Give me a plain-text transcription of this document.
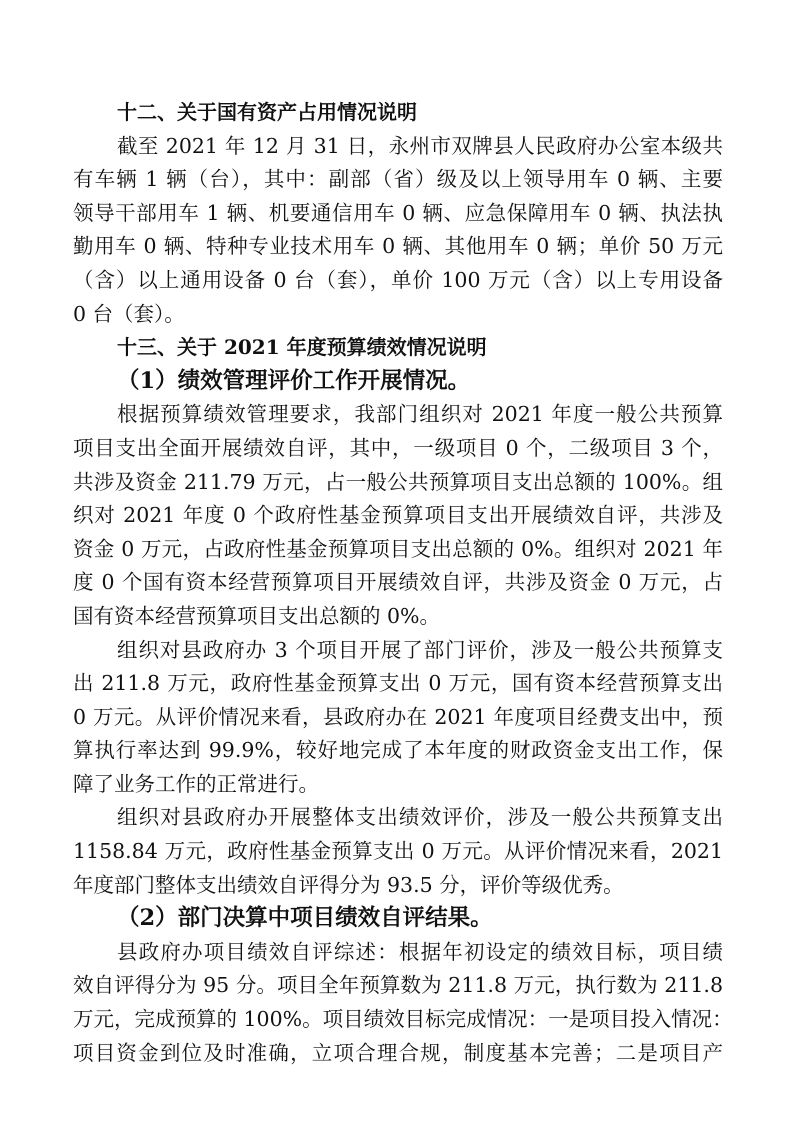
十二、关于国有资产占用情况说明
截至 2021 年 12 月 31 日，永州市双牌县人民政府办公室本级共
有车辆 1 辆（台），其中：副部（省）级及以上领导用车 0 辆、主要
领导干部用车 1 辆、机要通信用车 0 辆、应急保障用车 0 辆、执法执
勤用车 0 辆、特种专业技术用车 0 辆、其他用车 0 辆；单价 50 万元
（含）以上通用设备 0 台（套），单价 100 万元（含）以上专用设备
0 台（套）。
十三、关于 2021 年度预算绩效情况说明
（1）绩效管理评价工作开展情况。
根据预算绩效管理要求，我部门组织对 2021 年度一般公共预算
项目支出全面开展绩效自评，其中，一级项目 0 个，二级项目 3 个，
共涉及资金 211.79 万元，占一般公共预算项目支出总额的 100%。组
织对 2021 年度 0 个政府性基金预算项目支出开展绩效自评，共涉及
资金 0 万元，占政府性基金预算项目支出总额的 0%。组织对 2021 年
度 0 个国有资本经营预算项目开展绩效自评，共涉及资金 0 万元，占
国有资本经营预算项目支出总额的 0%。
组织对县政府办 3 个项目开展了部门评价，涉及一般公共预算支
出 211.8 万元，政府性基金预算支出 0 万元，国有资本经营预算支出
0 万元。从评价情况来看，县政府办在 2021 年度项目经费支出中，预
算执行率达到 99.9%，较好地完成了本年度的财政资金支出工作，保
障了业务工作的正常进行。
组织对县政府办开展整体支出绩效评价，涉及一般公共预算支出
1158.84 万元，政府性基金预算支出 0 万元。从评价情况来看，2021
年度部门整体支出绩效自评得分为 93.5 分，评价等级优秀。
（2）部门决算中项目绩效自评结果。
县政府办项目绩效自评综述：根据年初设定的绩效目标，项目绩
效自评得分为 95 分。项目全年预算数为 211.8 万元，执行数为 211.8
万元，完成预算的 100%。项目绩效目标完成情况：一是项目投入情况：
项目资金到位及时准确，立项合理合规，制度基本完善；二是项目产
